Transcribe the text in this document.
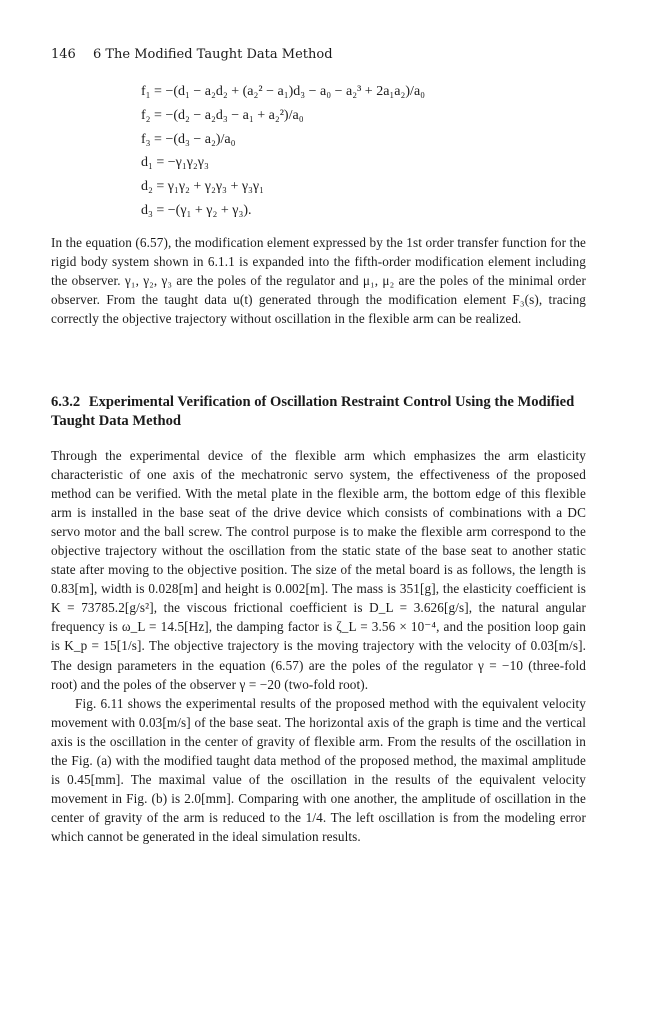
146 6 The Modified Taught Data Method
f₁ = −(d₁ − a₂d₂ + (a₂² − a₁)d₃ − a₀ − a₂³ + 2a₁a₂)/a₀
f₂ = −(d₂ − a₂d₃ − a₁ + a₂²)/a₀
f₃ = −(d₃ − a₂)/a₀
d₁ = −γ₁γ₂γ₃
d₂ = γ₁γ₂ + γ₂γ₃ + γ₃γ₁
d₃ = −(γ₁ + γ₂ + γ₃).

In the equation (6.57), the modification element expressed by the 1st order transfer function for the rigid body system shown in 6.1.1 is expanded into the fifth-order modification element including the observer. γ₁, γ₂, γ₃ are the poles of the regulator and μ₁, μ₂ are the poles of the minimal order observer. From the taught data u(t) generated through the modification element F₃(s), tracing correctly the objective trajectory without oscillation in the flexible arm can be realized.

6.3.2 Experimental Verification of Oscillation Restraint Control Using the Modified Taught Data Method
Through the experimental device of the flexible arm which emphasizes the arm elasticity characteristic of one axis of the mechatronic servo system, the effectiveness of the proposed method can be verified. With the metal plate in the flexible arm, the bottom edge of this flexible arm is installed in the base seat of the drive device which consists of combinations with a DC servo motor and the ball screw. The control purpose is to make the flexible arm correspond to the objective trajectory without the oscillation from the static state of the base seat to another static state after moving to the objective position. The size of the metal board is as follows, the length is 0.83[m], width is 0.028[m] and height is 0.002[m]. The mass is 351[g], the elasticity coefficient is K = 73785.2[g/s²], the viscous frictional coefficient is D_L = 3.626[g/s], the natural angular frequency is ω_L = 14.5[Hz], the damping factor is ζ_L = 3.56 × 10⁻⁴, and the position loop gain is K_p = 15[1/s]. The objective trajectory is the moving trajectory with the velocity of 0.03[m/s]. The design parameters in the equation (6.57) are the poles of the regulator γ = −10 (three-fold root) and the poles of the observer γ = −20 (two-fold root).
Fig. 6.11 shows the experimental results of the proposed method with the equivalent velocity movement with 0.03[m/s] of the base seat. The horizontal axis of the graph is time and the vertical axis is the oscillation in the center of gravity of flexible arm. From the results of the oscillation in the Fig. (a) with the modified taught data method of the proposed method, the maximal amplitude is 0.45[mm]. The maximal value of the oscillation in the results of the equivalent velocity movement in Fig. (b) is 2.0[mm]. Comparing with one another, the amplitude of oscillation in the center of gravity of the arm is reduced to the 1/4. The left oscillation is from the modeling error which cannot be generated in the ideal simulation results.
